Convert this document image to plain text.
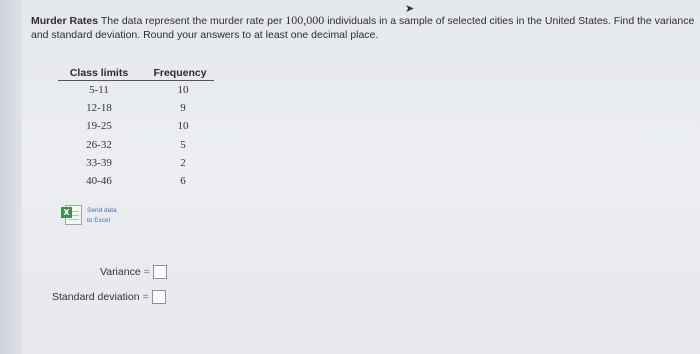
➤
Murder Rates The data represent the murder rate per 100,000 individuals in a sample of selected cities in the United States. Find the variance and standard deviation. Round your answers to at least one decimal place.
Class limits	Frequency
5-11	10
12-18	9
19-25	10
26-32	5
33-39	2
40-46	6
X	Send data
to Excel
Variance =
Standard deviation =
